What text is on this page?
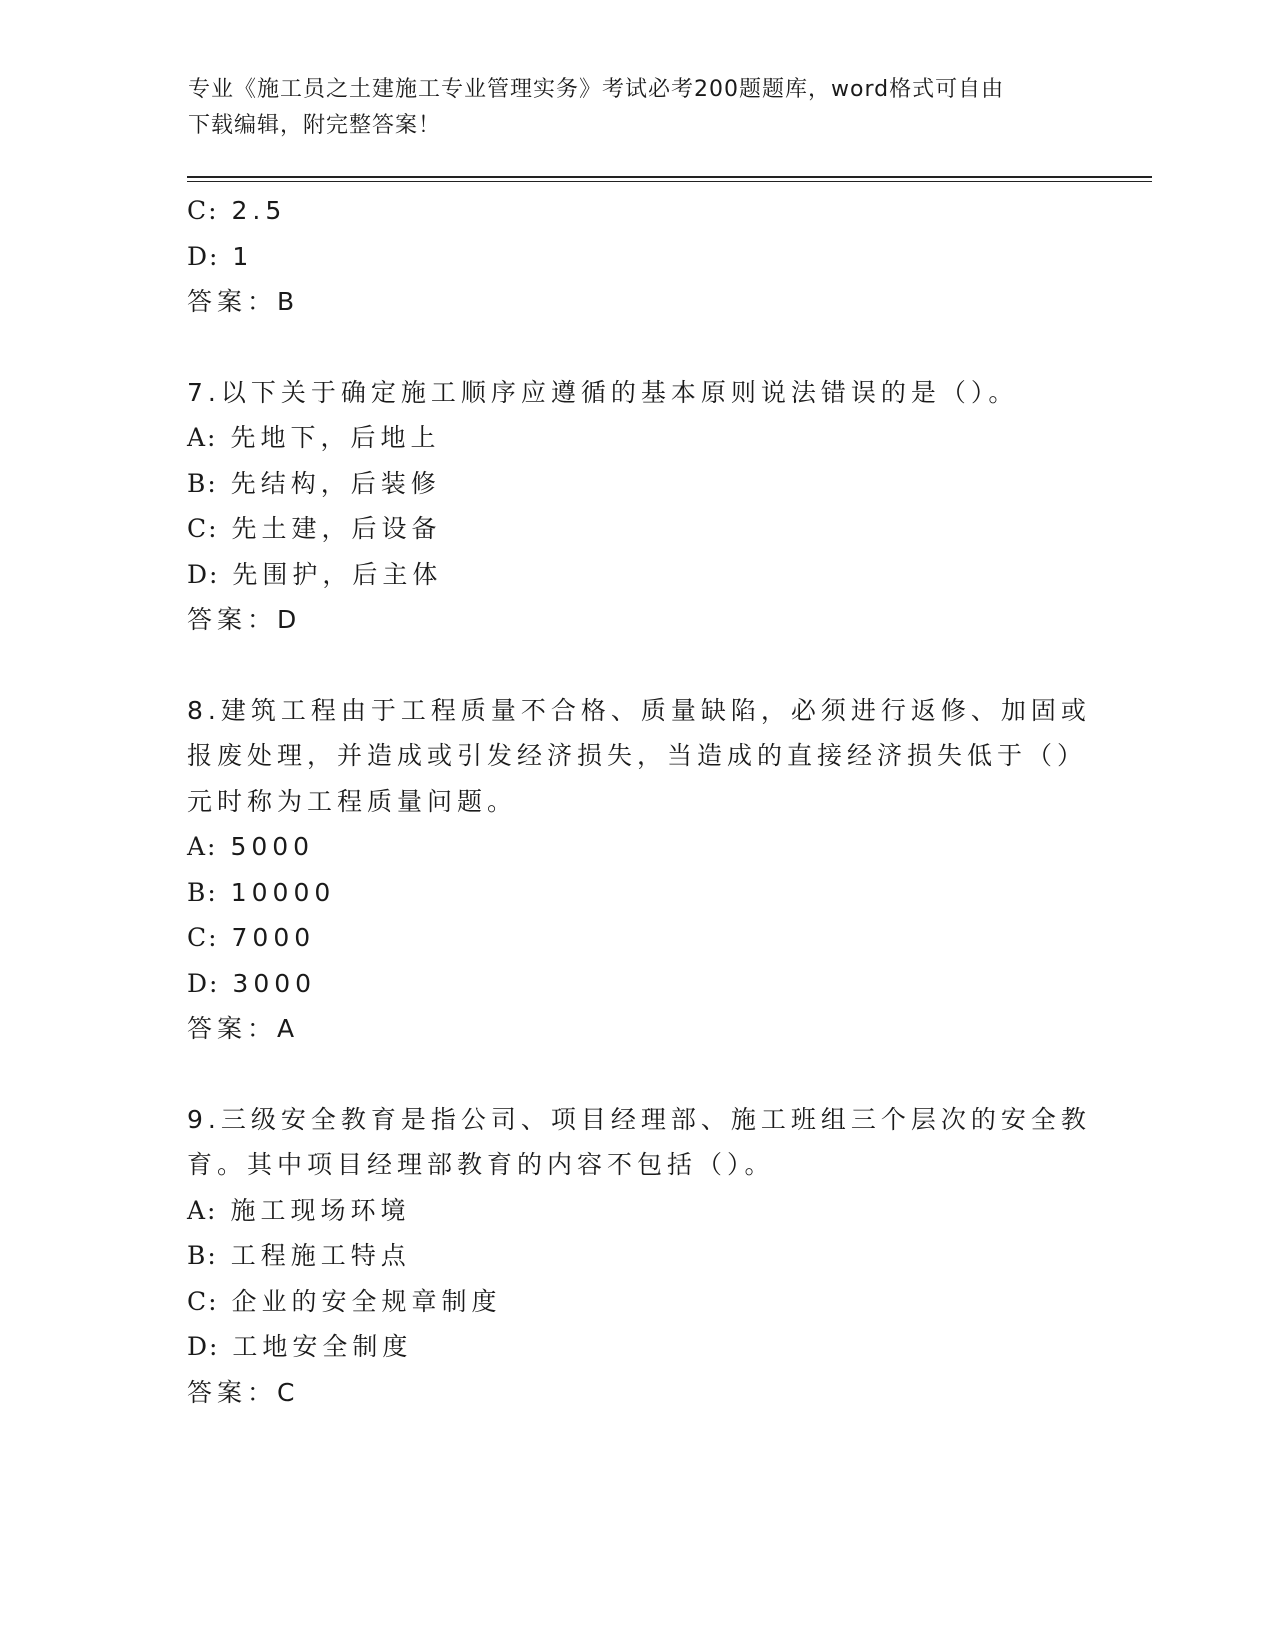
专业《施工员之土建施工专业管理实务》考试必考200题题库，word格式可自由
下载编辑，附完整答案！
C: 2.5
D: 1
答案：B
7.以下关于确定施工顺序应遵循的基本原则说法错误的是（）。
A: 先地下，后地上
B: 先结构，后装修
C: 先土建，后设备
D: 先围护，后主体
答案：D
8.建筑工程由于工程质量不合格、质量缺陷，必须进行返修、加固或
报废处理，并造成或引发经济损失，当造成的直接经济损失低于（）
元时称为工程质量问题。
A: 5000
B: 10000
C: 7000
D: 3000
答案：A
9.三级安全教育是指公司、项目经理部、施工班组三个层次的安全教
育。其中项目经理部教育的内容不包括（）。
A: 施工现场环境
B: 工程施工特点
C: 企业的安全规章制度
D: 工地安全制度
答案：C
